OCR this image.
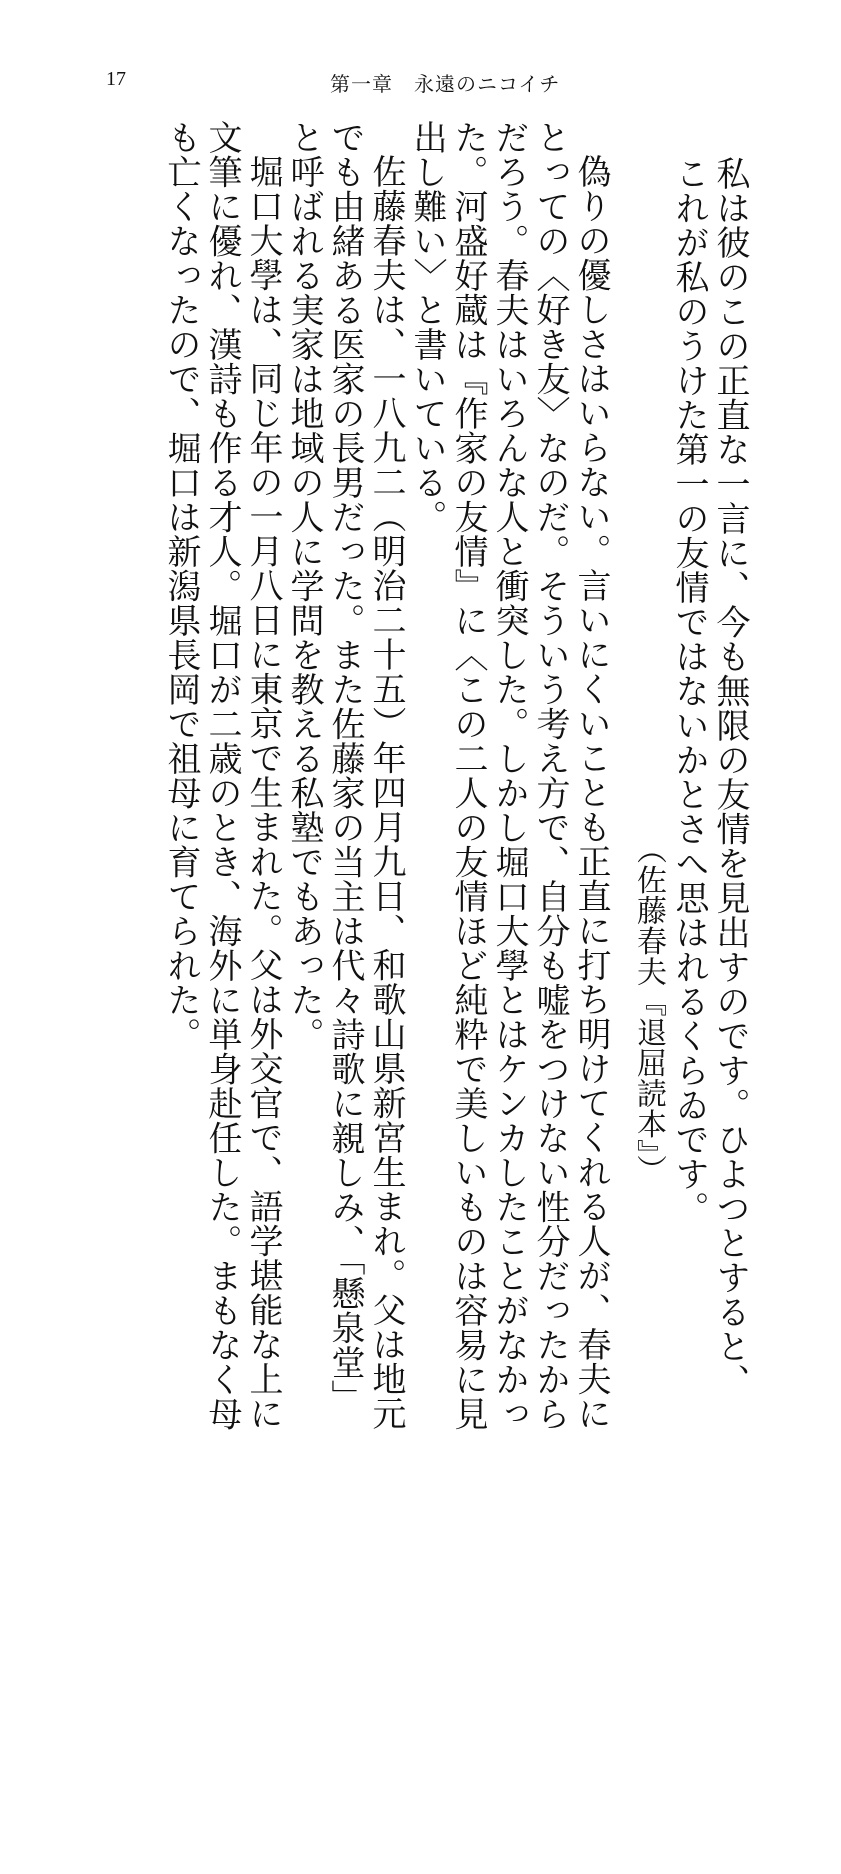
17	第一章　永遠のニコイチ
私は彼のこの正直な一言に、今も無限の友情を見出すのです。ひよつとすると、
これが私のうけた第一の友情ではないかとさへ思はれるくらゐです。
（佐藤春夫『退屈読本』）
偽りの優しさはいらない。言いにくいことも正直に打ち明けてくれる人が、春夫に
とっての〈好き友〉なのだ。そういう考え方で、自分も嘘をつけない性分だったから
だろう。春夫はいろんな人と衝突した。しかし堀口大學とはケンカしたことがなかっ
た。河盛好蔵は『作家の友情』に〈この二人の友情ほど純粋で美しいものは容易に見
出し難い〉と書いている。
佐藤春夫は、一八九二（明治二十五）年四月九日、和歌山県新宮生まれ。父は地元
でも由緒ある医家の長男だった。また佐藤家の当主は代々詩歌に親しみ、「懸泉堂」
と呼ばれる実家は地域の人に学問を教える私塾でもあった。
堀口大學は、同じ年の一月八日に東京で生まれた。父は外交官で、語学堪能な上に
文筆に優れ、漢詩も作る才人。堀口が二歳のとき、海外に単身赴任した。まもなく母
も亡くなったので、堀口は新潟県長岡で祖母に育てられた。
